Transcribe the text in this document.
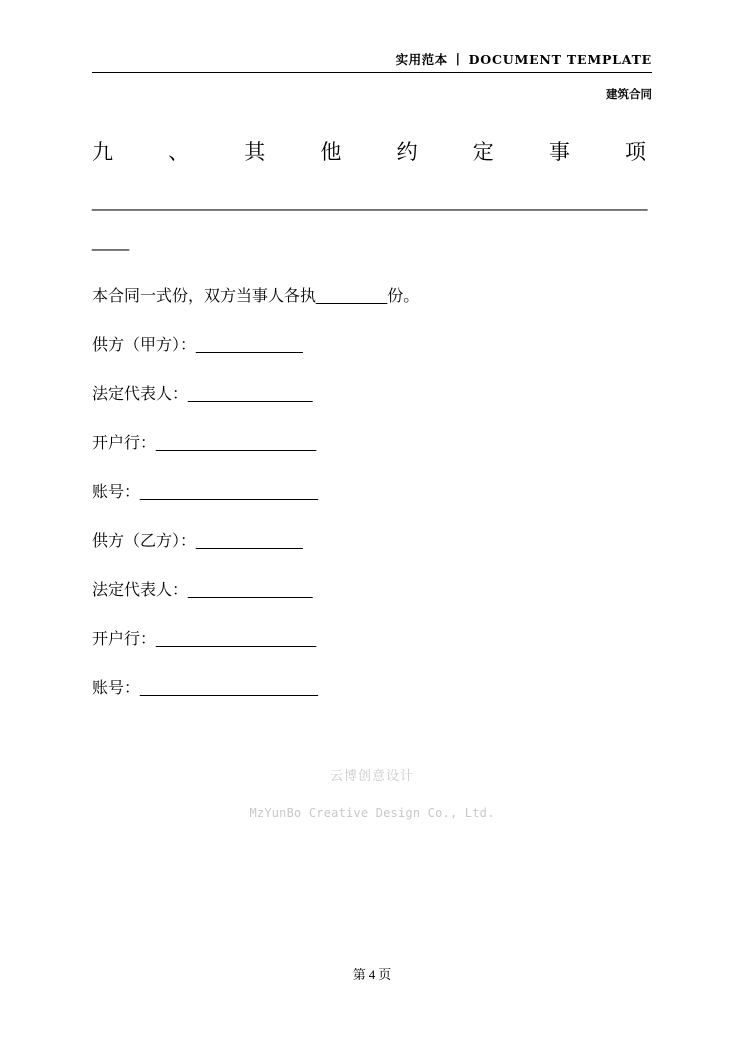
实用范本 丨 DOCUMENT TEMPLATE
建筑合同

九、其他约定事项

________________________________________________________________

本合同一式份，双方当事人各执________份。

供方（甲方）：____________

法定代表人：______________

开户行：__________________

账号：____________________

供方（乙方）：____________

法定代表人：______________

开户行：__________________

账号：____________________

云博创意设计
MzYunBo Creative Design Co., Ltd.
第 4 页
